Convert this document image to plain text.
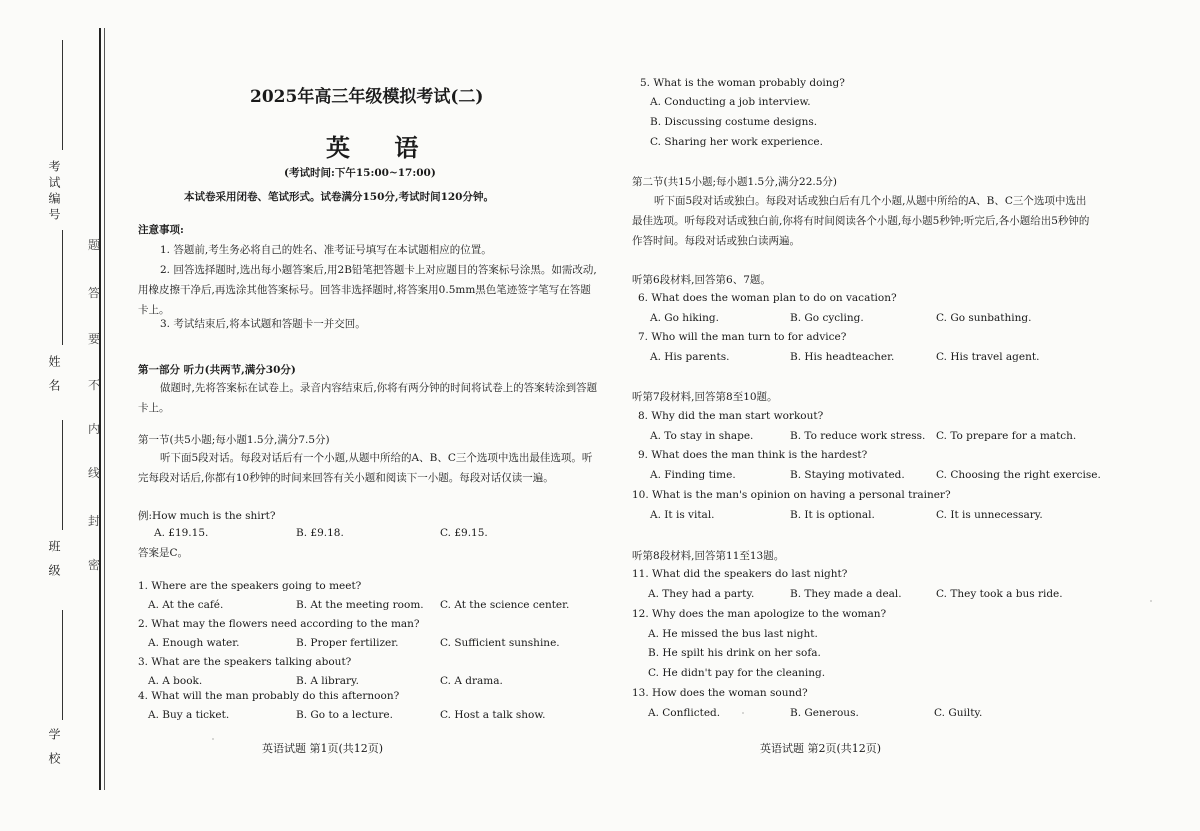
考试编号
姓 名
班 级
学 校
题
答
要
不
内
线
封
密
2025年高三年级模拟考试(二)
英 语
(考试时间:下午15:00~17:00)
本试卷采用闭卷、笔试形式。试卷满分150分,考试时间120分钟。
注意事项:
1. 答题前,考生务必将自己的姓名、准考证号填写在本试题相应的位置。
2. 回答选择题时,选出每小题答案后,用2B铅笔把答题卡上对应题目的答案标号涂黑。如需改动,用橡皮擦干净后,再选涂其他答案标号。回答非选择题时,将答案用0.5mm黑色笔迹签字笔写在答题卡上。
3. 考试结束后,将本试题和答题卡一并交回。
第一部分 听力(共两节,满分30分)
做题时,先将答案标在试卷上。录音内容结束后,你将有两分钟的时间将试卷上的答案转涂到答题卡上。
第一节(共5小题;每小题1.5分,满分7.5分)
听下面5段对话。每段对话后有一个小题,从题中所给的A、B、C三个选项中选出最佳选项。听完每段对话后,你都有10秒钟的时间来回答有关小题和阅读下一小题。每段对话仅读一遍。
例:How much is the shirt?
A. £19.15.	B. £9.18.	C. £9.15.
答案是C。
1. Where are the speakers going to meet?
A. At the café.	B. At the meeting room. C. At the science center.
2. What may the flowers need according to the man?
A. Enough water.	B. Proper fertilizer.	C. Sufficient sunshine.
3. What are the speakers talking about?
A. A book.	B. A library.	C. A drama.
4. What will the man probably do this afternoon?
A. Buy a ticket.	B. Go to a lecture.	C. Host a talk show.
英语试题 第1页(共12页)
5. What is the woman probably doing?
A. Conducting a job interview.
B. Discussing costume designs.
C. Sharing her work experience.
第二节(共15小题;每小题1.5分,满分22.5分)
听下面5段对话或独白。每段对话或独白后有几个小题,从题中所给的A、B、C三个选项中选出最佳选项。听每段对话或独白前,你将有时间阅读各个小题,每小题5秒钟;听完后,各小题给出5秒钟的作答时间。每段对话或独白读两遍。
听第6段材料,回答第6、7题。
6. What does the woman plan to do on vacation?
A. Go hiking.	B. Go cycling.	C. Go sunbathing.
7. Who will the man turn to for advice?
A. His parents.	B. His headteacher.	C. His travel agent.
听第7段材料,回答第8至10题。
8. Why did the man start workout?
A. To stay in shape.	B. To reduce work stress. C. To prepare for a match.
9. What does the man think is the hardest?
A. Finding time.	B. Staying motivated.	C. Choosing the right exercise.
10. What is the man's opinion on having a personal trainer?
A. It is vital.	B. It is optional.	C. It is unnecessary.
听第8段材料,回答第11至13题。
11. What did the speakers do last night?
A. They had a party.	B. They made a deal.	C. They took a bus ride.
12. Why does the man apologize to the woman?
A. He missed the bus last night.
B. He spilt his drink on her sofa.
C. He didn't pay for the cleaning.
13. How does the woman sound?
A. Conflicted.	B. Generous.	C. Guilty.
英语试题 第2页(共12页)
